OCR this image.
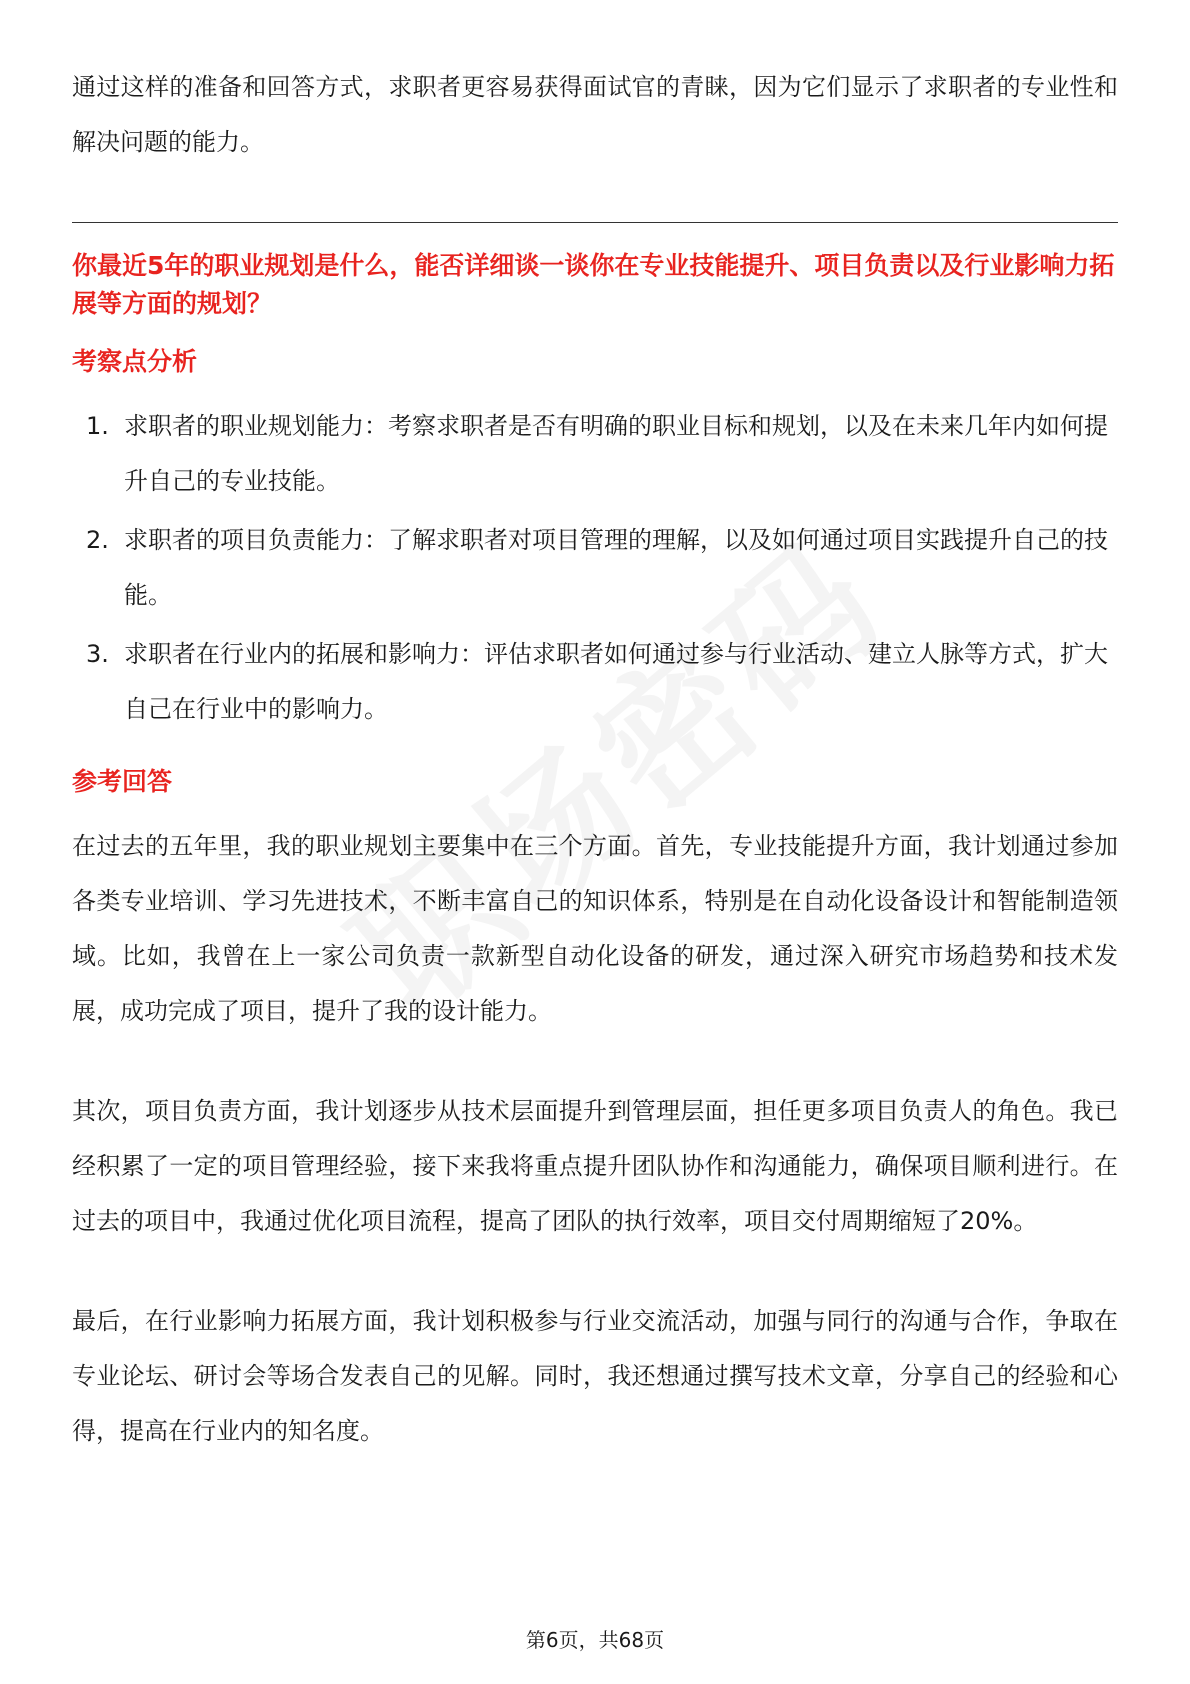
通过这样的准备和回答方式，求职者更容易获得面试官的青睐，因为它们显示了求职者的专业性和解决问题的能力。

你最近5年的职业规划是什么，能否详细谈一谈你在专业技能提升、项目负责以及行业影响力拓展等方面的规划？

考察点分析

1. 求职者的职业规划能力：考察求职者是否有明确的职业目标和规划，以及在未来几年内如何提升自己的专业技能。
2. 求职者的项目负责能力：了解求职者对项目管理的理解，以及如何通过项目实践提升自己的技能。
3. 求职者在行业内的拓展和影响力：评估求职者如何通过参与行业活动、建立人脉等方式，扩大自己在行业中的影响力。

参考回答

在过去的五年里，我的职业规划主要集中在三个方面。首先，专业技能提升方面，我计划通过参加各类专业培训、学习先进技术，不断丰富自己的知识体系，特别是在自动化设备设计和智能制造领域。比如，我曾在上一家公司负责一款新型自动化设备的研发，通过深入研究市场趋势和技术发展，成功完成了项目，提升了我的设计能力。

其次，项目负责方面，我计划逐步从技术层面提升到管理层面，担任更多项目负责人的角色。我已经积累了一定的项目管理经验，接下来我将重点提升团队协作和沟通能力，确保项目顺利进行。在过去的项目中，我通过优化项目流程，提高了团队的执行效率，项目交付周期缩短了20%。

最后，在行业影响力拓展方面，我计划积极参与行业交流活动，加强与同行的沟通与合作，争取在专业论坛、研讨会等场合发表自己的见解。同时，我还想通过撰写技术文章，分享自己的经验和心得，提高在行业内的知名度。

第6页，共68页
